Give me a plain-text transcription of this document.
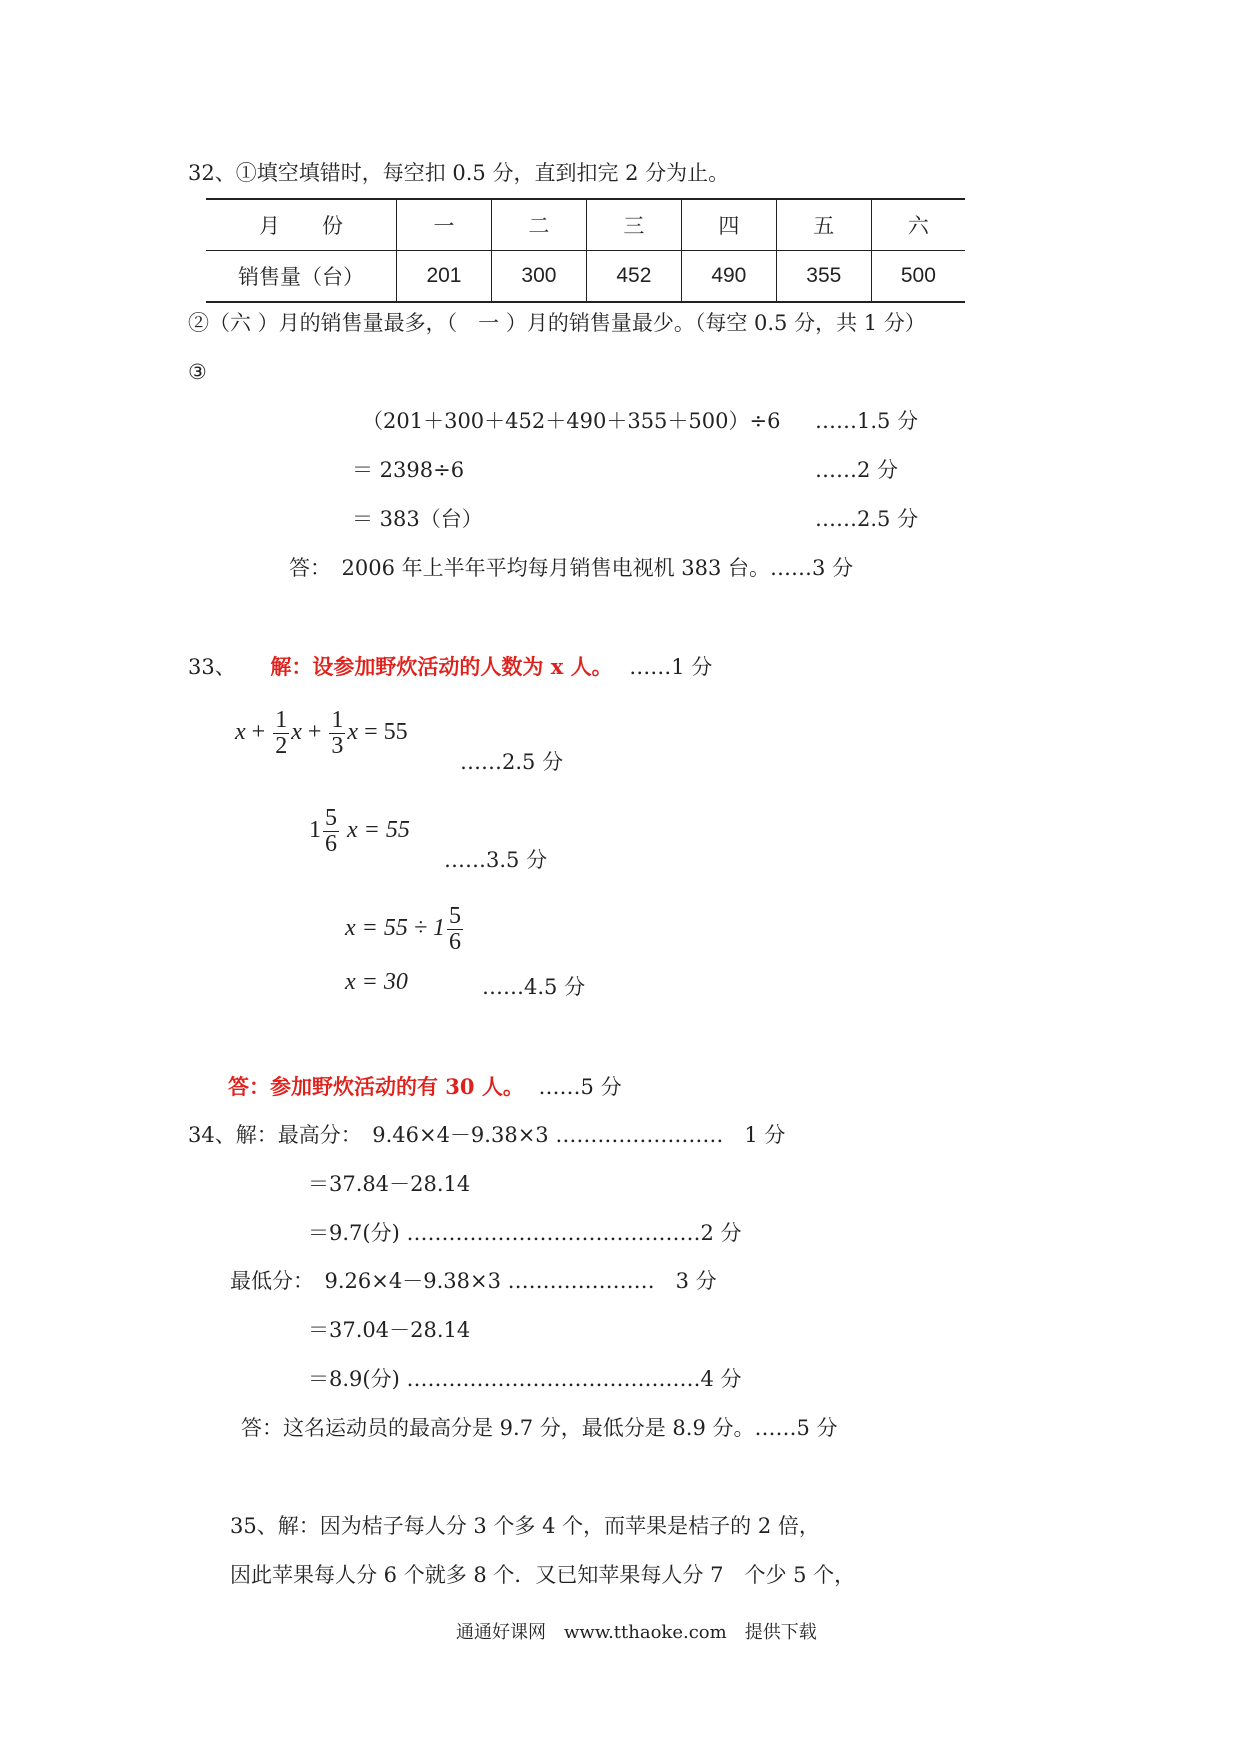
32、①填空填错时，每空扣 0.5 分，直到扣完 2 分为止。
月　　份	一	二	三	四	五	六
销售量（台）	201	300	452	490	355	500
②（六 ）月的销售量最多，（　一 ）月的销售量最少。（每空 0.5 分，共 1 分）
③
（201＋300＋452＋490＋355＋500）÷6 ……1.5 分
＝ 2398÷6	……2 分
＝ 383（台）	……2.5 分
答：　2006 年上半年平均每月销售电视机 383 台。……3 分
33、 解：设参加野炊活动的人数为 x 人。 ……1 分
$x + \frac{1}{2}$ $x + \frac{1}{3}$ x = 55
……2.5 分
$1 \frac{5}{6}$ x = 55
……3.5 分
$x = 55 \div 1 \frac{5}{6}$
x = 30	……4.5 分
答：参加野炊活动的有 30 人。 ……5 分
34、解：最高分：　9.46×4－9.38×3 ……………………　1 分
＝37.84－28.14
＝9.7(分) ……………………………………2 分
最低分：　9.26×4－9.38×3 …………………　3 分
＝37.04－28.14
＝8.9(分) ……………………………………4 分
答：这名运动员的最高分是 9.7 分，最低分是 8.9 分。……5 分
35、解：因为桔子每人分 3 个多 4 个，而苹果是桔子的 2 倍，
因此苹果每人分 6 个就多 8 个．又已知苹果每人分 7　个少 5 个，
通通好课网　www.tthaoke.com　提供下载
